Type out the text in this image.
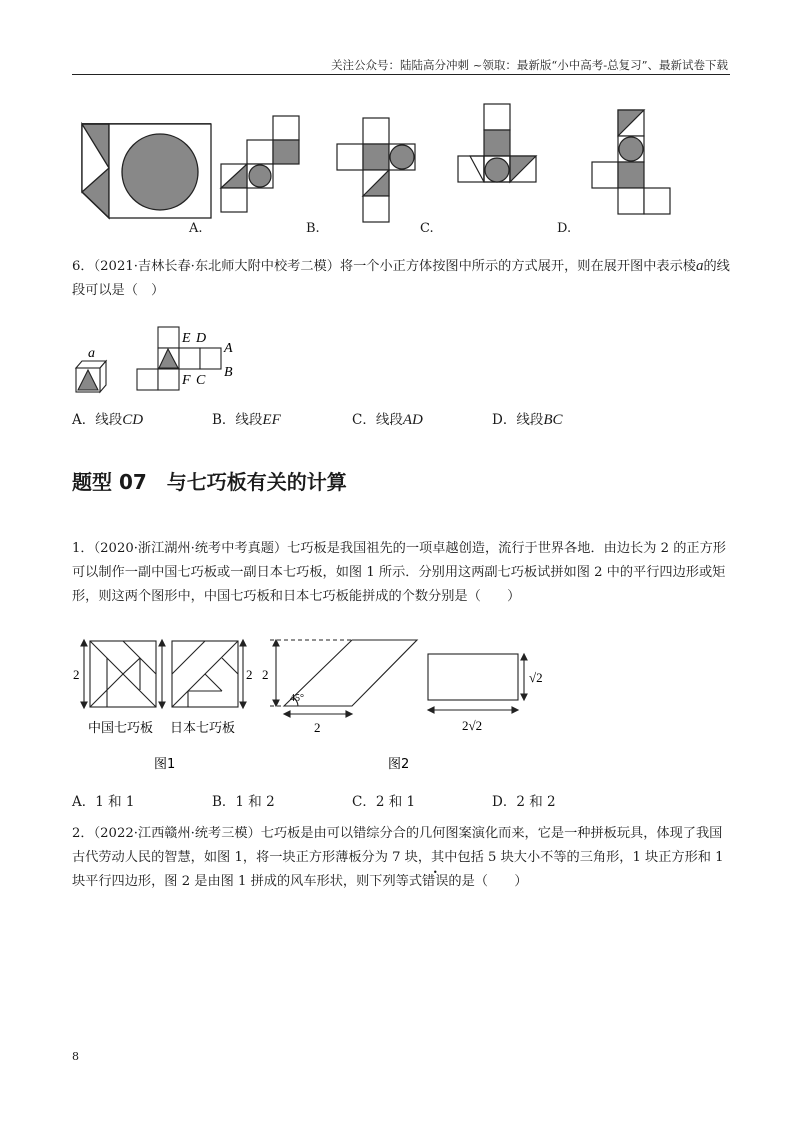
关注公众号：陆陆高分冲刺 ~领取：最新版“小中高考-总复习”、最新试卷下载
A.	B.	C.	D.

6．（2021·吉林长春·东北师大附中校考二模）将一个小正方体按图中所示的方式展开，则在展开图中表示棱a的线段可以是（　）

a
E D
A
B
F C
A．线段CD	B．线段EF	C．线段AD	D．线段BC
题型 07 与七巧板有关的计算

1．（2020·浙江湖州·统考中考真题）七巧板是我国祖先的一项卓越创造，流行于世界各地．由边长为 2 的正方形可以制作一副中国七巧板或一副日本七巧板，如图 1 所示．分别用这两副七巧板试拼如图 2 中的平行四边形或矩形，则这两个图形中，中国七巧板和日本七巧板能拼成的个数分别是（　　）

2	2 2
2
45°
√2
2√2
中国七巧板 日本七巧板
图1	图2
A．1 和 1	B．1 和 2	C．2 和 1	D．2 和 2

2．（2022·江西赣州·统考三模）七巧板是由可以错综分合的几何图案演化而来，它是一种拼板玩具，体现了我国古代劳动人民的智慧，如图 1，将一块正方形薄板分为 7 块，其中包括 5 块大小不等的三角形，1 块正方形和 1 块平行四边形，图 2 是由图 1 拼成的风车形状，则下列等式错误的是（　　）

8
